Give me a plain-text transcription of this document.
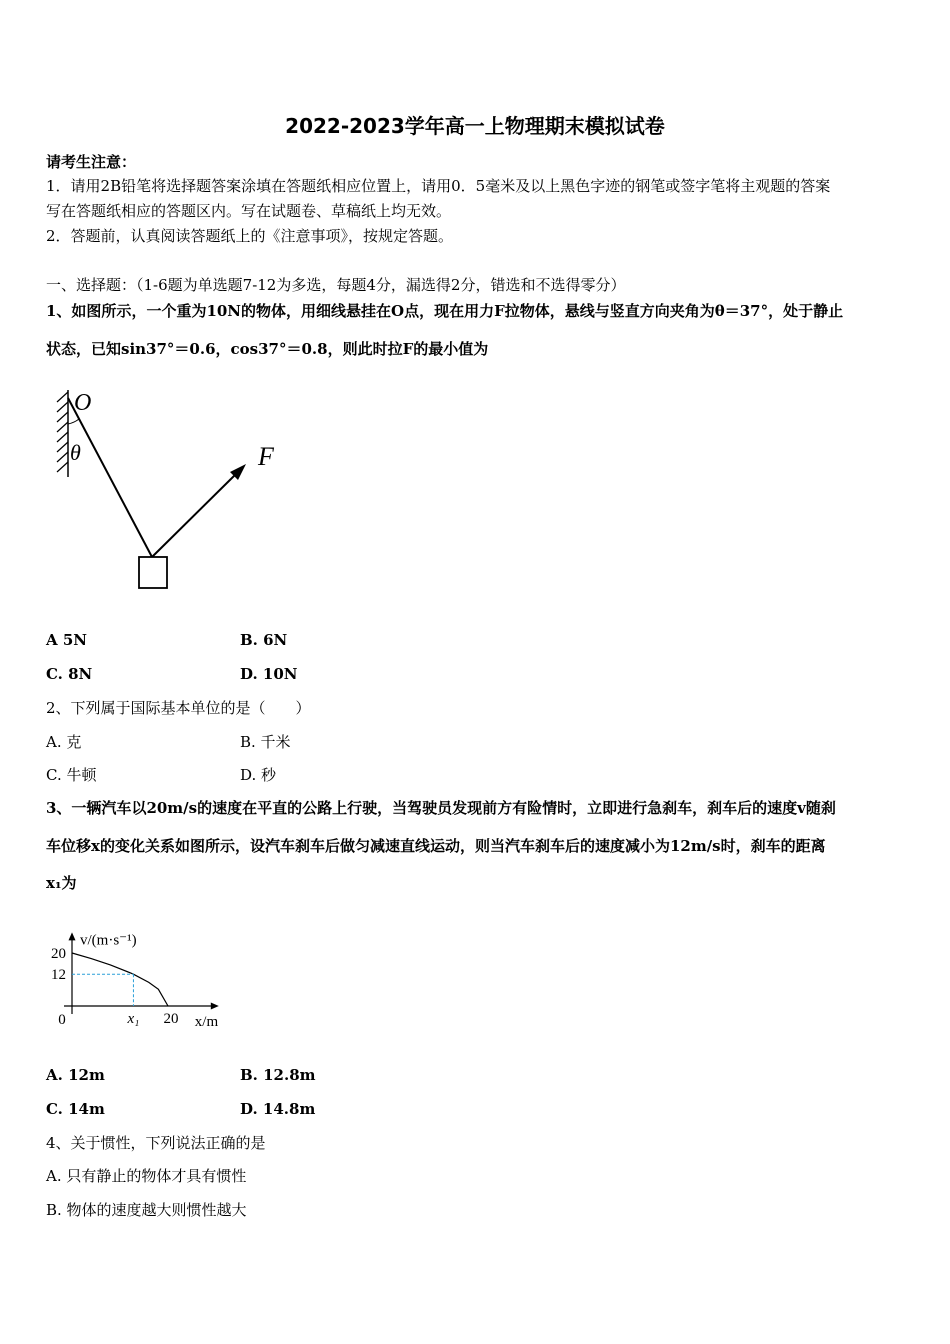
2022-2023学年高一上物理期末模拟试卷
请考生注意：
1．请用2B铅笔将选择题答案涂填在答题纸相应位置上，请用0．5毫米及以上黑色字迹的钢笔或签字笔将主观题的答案
写在答题纸相应的答题区内。写在试题卷、草稿纸上均无效。
2．答题前，认真阅读答题纸上的《注意事项》，按规定答题。
一、选择题：（1-6题为单选题7-12为多选，每题4分，漏选得2分，错选和不选得零分）
1、如图所示，一个重为10N的物体，用细线悬挂在O点，现在用力F拉物体，悬线与竖直方向夹角为θ＝37°，处于静止
状态，已知sin37°＝0.6，cos37°＝0.8，则此时拉F的最小值为
O
θ	F
A 5N	B. 6N
C. 8N	D. 10N
2、下列属于国际基本单位的是（　　）
A. 克	B. 千米
C. 牛顿	D. 秒
3、一辆汽车以20m/s的速度在平直的公路上行驶，当驾驶员发现前方有险情时，立即进行急刹车，刹车后的速度v随刹
车位移x的变化关系如图所示，设汽车刹车后做匀减速直线运动，则当汽车刹车后的速度减小为12m/s时，刹车的距离
x₁为
v/(m·s⁻¹)
x/m
20
12
0	x₁ 20
A. 12m	B. 12.8m
C. 14m	D. 14.8m
4、关于惯性，下列说法正确的是
A. 只有静止的物体才具有惯性
B. 物体的速度越大则惯性越大
